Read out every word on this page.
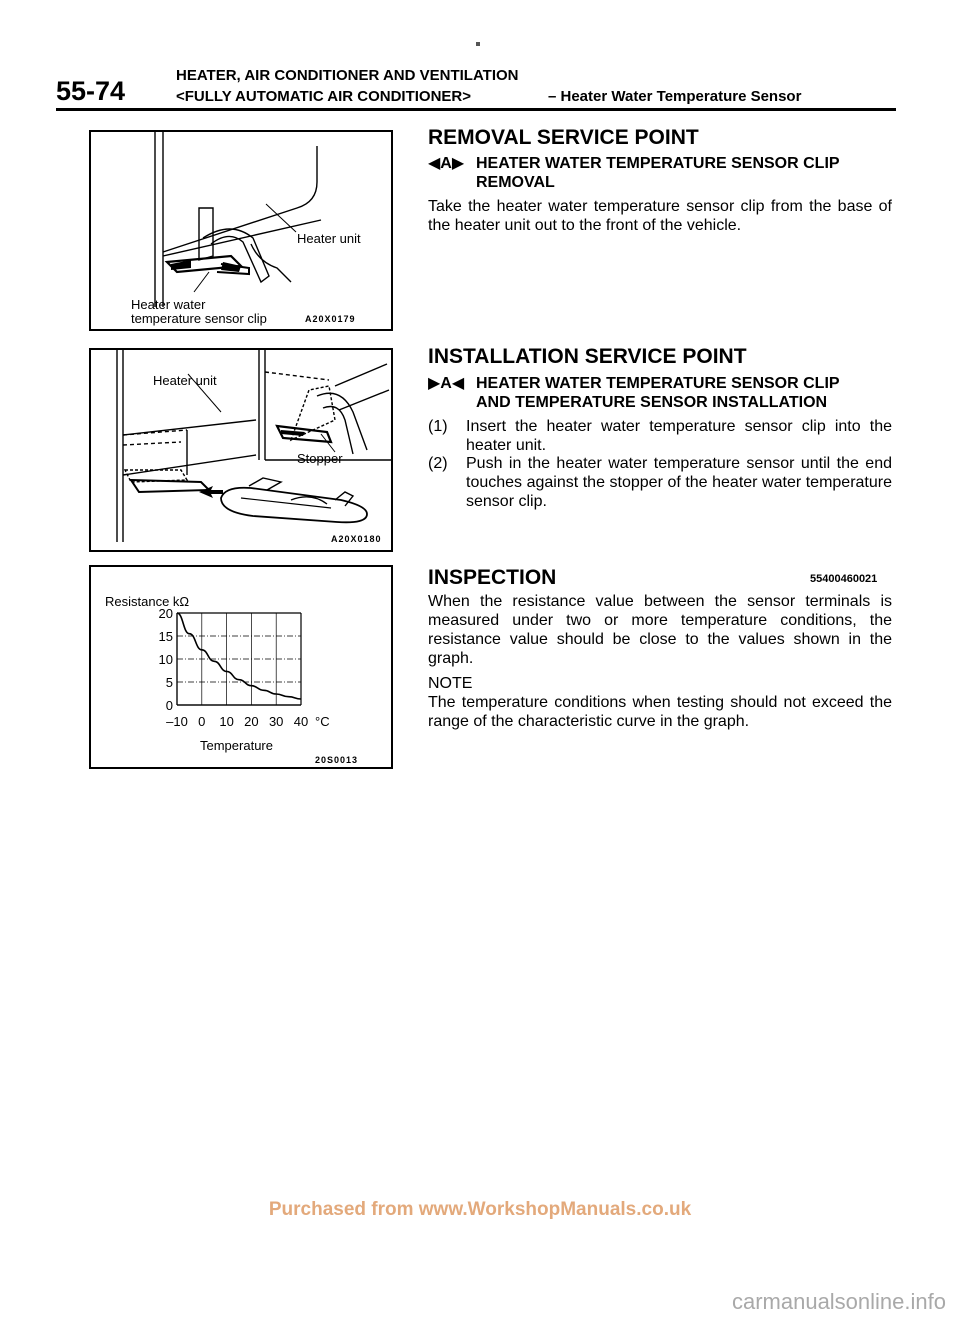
55-74
HEATER, AIR CONDITIONER AND VENTILATION
<FULLY AUTOMATIC AIR CONDITIONER>	– Heater Water Temperature Sensor
Heater unit
Heater water
temperature sensor clip	A20X0179
Heater unit
Stopper
A20X0180
20
15
10
5
0
–10 0 10 20 30 40
Resistance kΩ
°C
Temperature
20S0013
REMOVAL SERVICE POINT
◀A▶ HEATER WATER TEMPERATURE SENSOR CLIP
REMOVAL
Take the heater water temperature sensor clip from the base of the heater unit out to the front of the vehicle.
INSTALLATION SERVICE POINT
▶A◀ HEATER WATER TEMPERATURE SENSOR CLIP
AND TEMPERATURE SENSOR INSTALLATION
(1) Insert the heater water temperature sensor clip into the heater unit.
(2) Push in the heater water temperature sensor until the end touches against the stopper of the heater water temperature sensor clip.
INSPECTION	55400460021
When the resistance value between the sensor terminals is measured under two or more temperature conditions, the resistance value should be close to the values shown in the graph.
NOTE
The temperature conditions when testing should not exceed the range of the characteristic curve in the graph.
Purchased from www.WorkshopManuals.co.uk
carmanualsonline.info
